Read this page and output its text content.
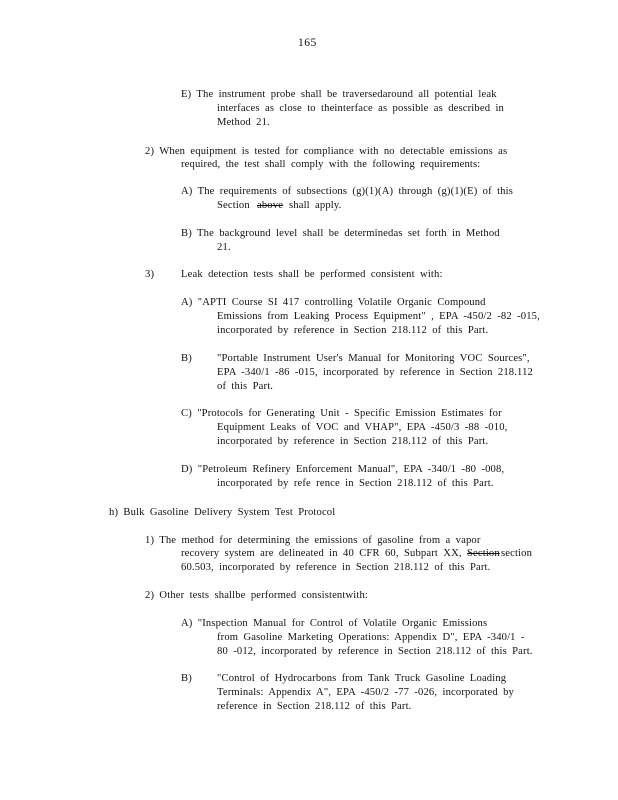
165
E) The instrument probe shall be traversedaround all potential leak
interfaces as close to theinterface as possible as described in
Method 21.
2) When equipment is tested for compliance with no detectable emissions as
required, the test shall comply with the following requirements:
A) The requirements of subsections (g)(1)(A) through (g)(1)(E) of this
Section above shall apply.
B) The background level shall be determinedas set forth in Method
21.
3)	Leak detection tests shall be performed consistent with:
A) "APTI Course SI 417 controlling Volatile Organic Compound
Emissions from Leaking Process Equipment" , EPA -450/2 -82 -015,
incorporated by reference in Section 218.112 of this Part.
B) "Portable Instrument User's Manual for Monitoring VOC Sources",
EPA -340/1 -86 -015, incorporated by reference in Section 218.112
of this Part.
C) "Protocols for Generating Unit - Specific Emission Estimates for
Equipment Leaks of VOC and VHAP", EPA -450/3 -88 -010,
incorporated by reference in Section 218.112 of this Part.
D) "Petroleum Refinery Enforcement Manual", EPA -340/1 -80 -008,
incorporated by refe rence in Section 218.112 of this Part.
h) Bulk Gasoline Delivery System Test Protocol
1) The method for determining the emissions of gasoline from a vapor
recovery system are delineated in 40 CFR 60, Subpart XX, Section section
60.503, incorporated by reference in Section 218.112 of this Part.
2) Other tests shallbe performed consistentwith:
A) "Inspection Manual for Control of Volatile Organic Emissions
from Gasoline Marketing Operations: Appendix D", EPA -340/1 -
80 -012, incorporated by reference in Section 218.112 of this Part.
B) "Control of Hydrocarbons from Tank Truck Gasoline Loading
Terminals: Appendix A", EPA -450/2 -77 -026, incorporated by
reference in Section 218.112 of this Part.
